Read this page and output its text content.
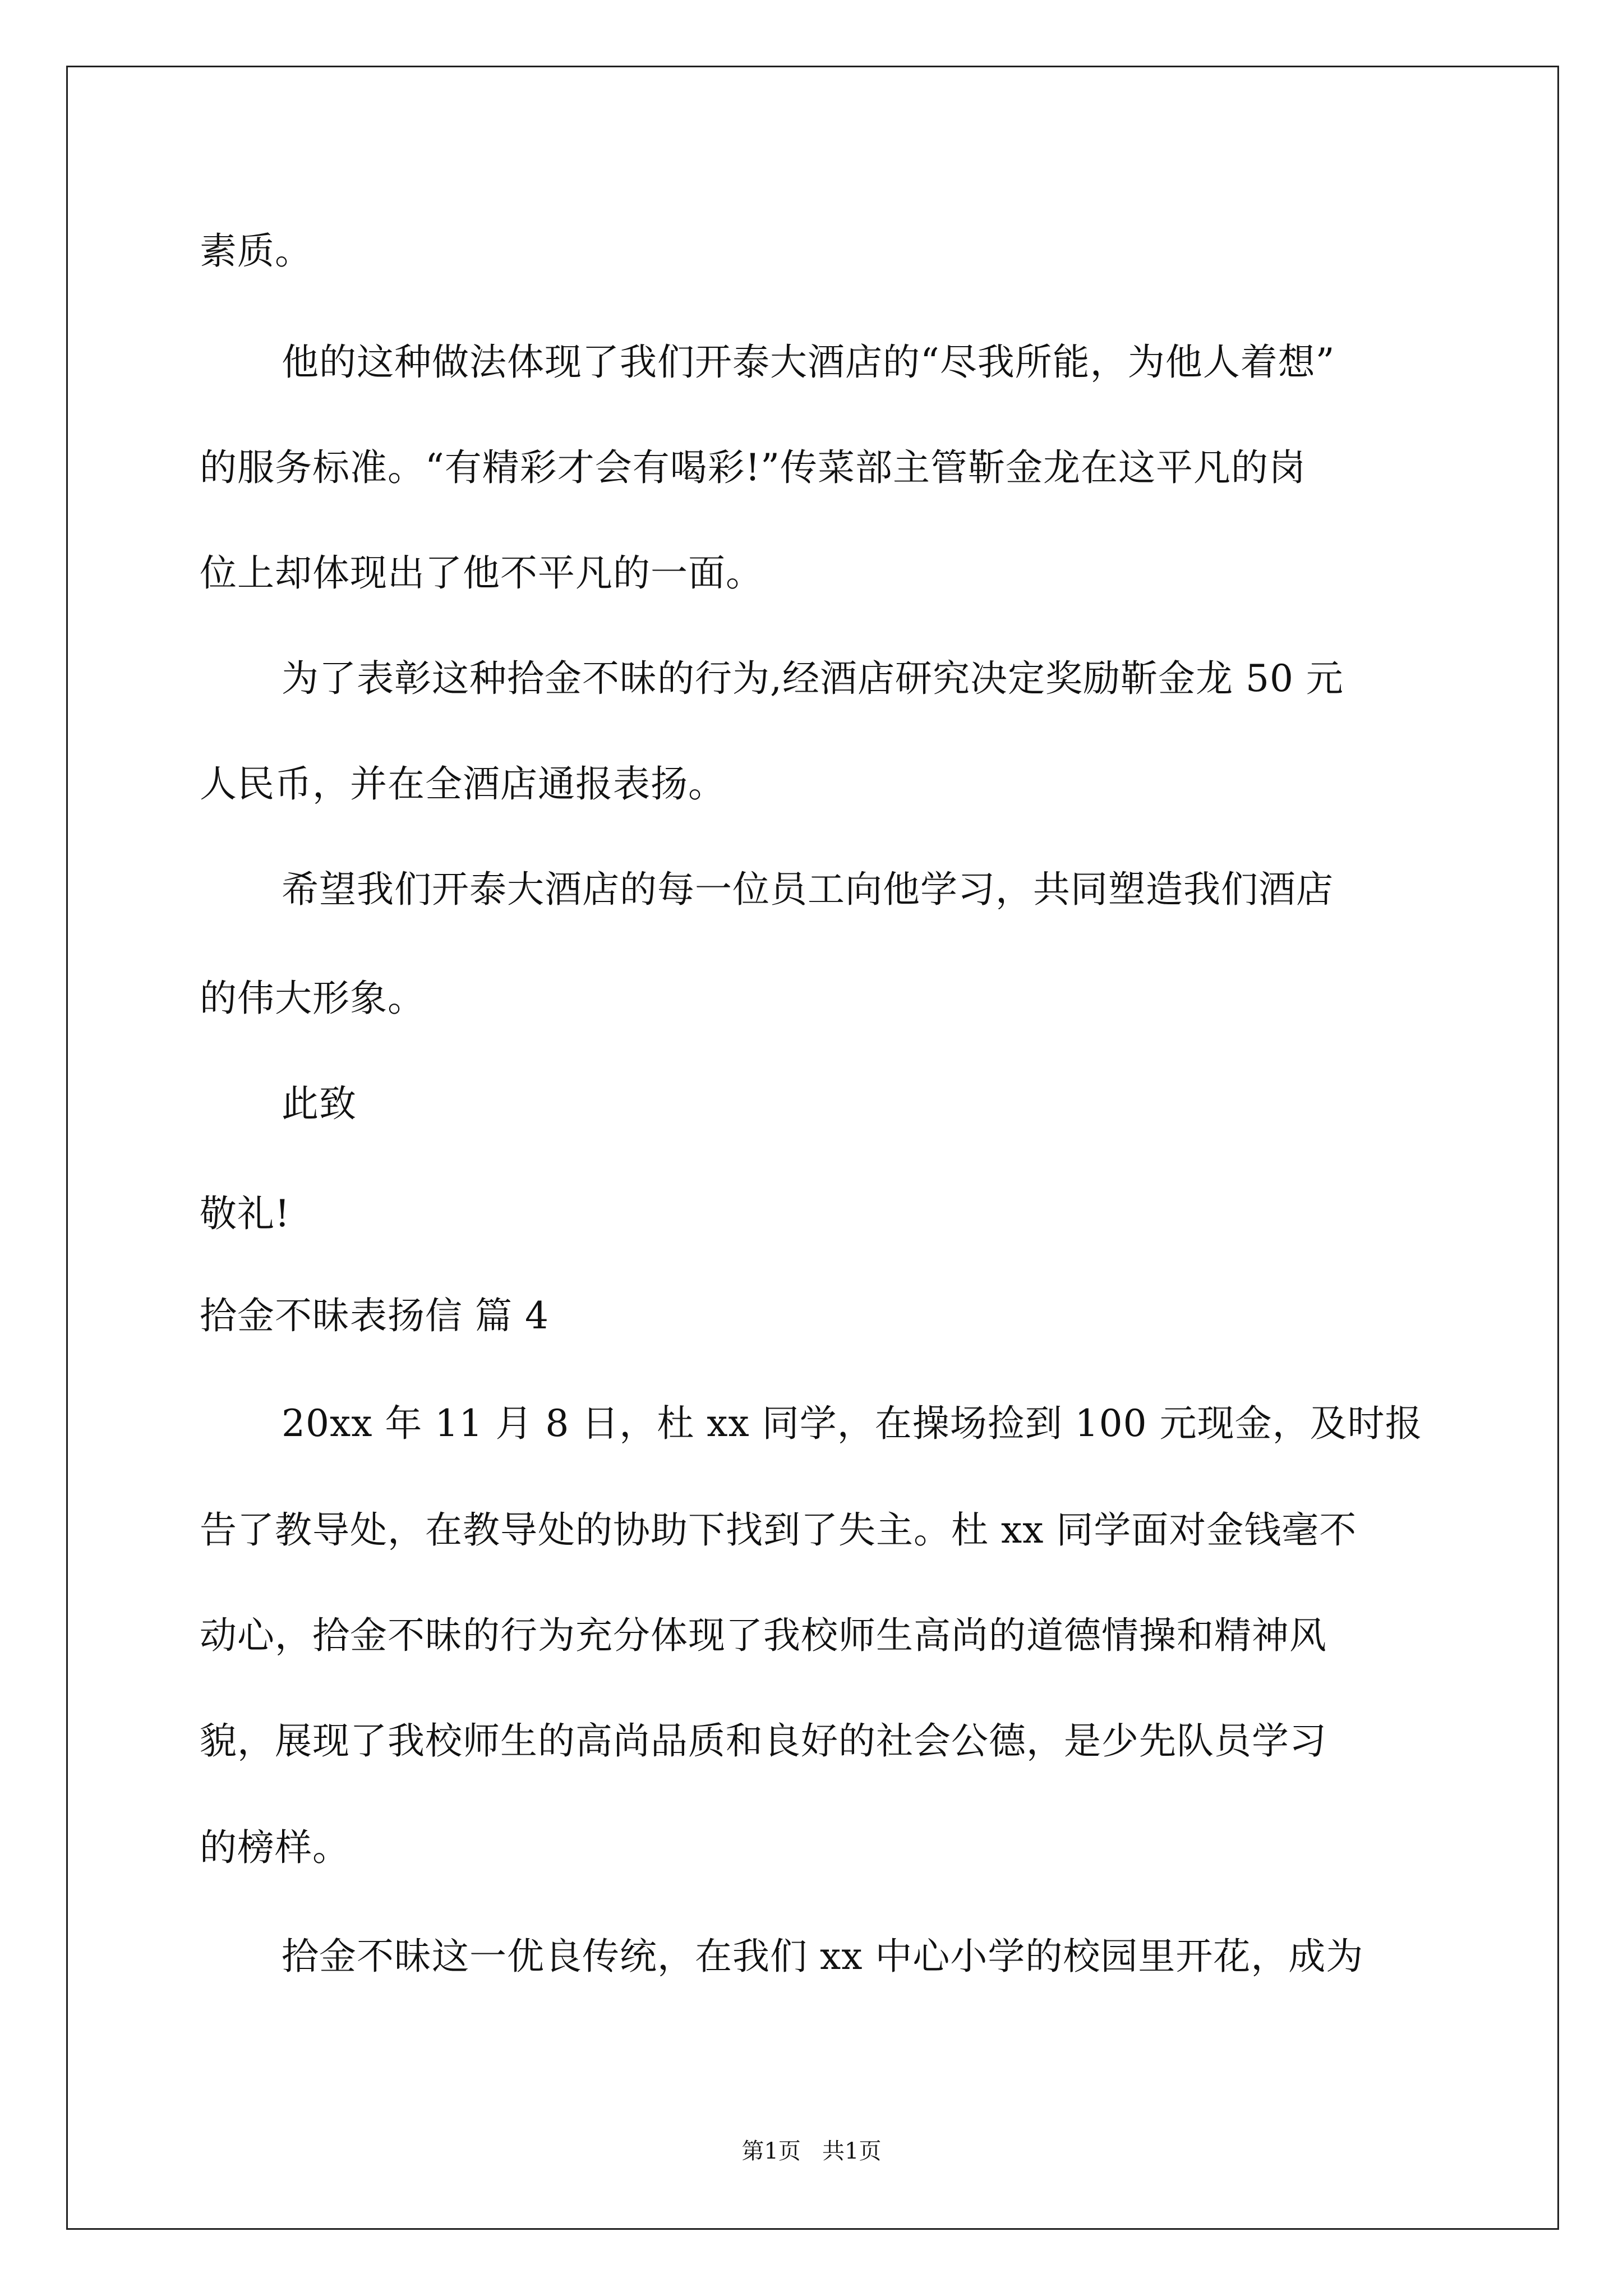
素质。
他的这种做法体现了我们开泰大酒店的“尽我所能，为他人着想”
的服务标准。“有精彩才会有喝彩!”传菜部主管靳金龙在这平凡的岗
位上却体现出了他不平凡的一面。
为了表彰这种拾金不昧的行为,经酒店研究决定奖励靳金龙 50 元
人民币，并在全酒店通报表扬。
希望我们开泰大酒店的每一位员工向他学习，共同塑造我们酒店
的伟大形象。
此致
敬礼!
拾金不昧表扬信 篇 4
20xx 年 11 月 8 日，杜 xx 同学，在操场捡到 100 元现金，及时报
告了教导处，在教导处的协助下找到了失主。杜 xx 同学面对金钱毫不
动心，拾金不昧的行为充分体现了我校师生高尚的道德情操和精神风
貌，展现了我校师生的高尚品质和良好的社会公德，是少先队员学习
的榜样。
拾金不昧这一优良传统，在我们 xx 中心小学的校园里开花，成为
第1页   共1页
